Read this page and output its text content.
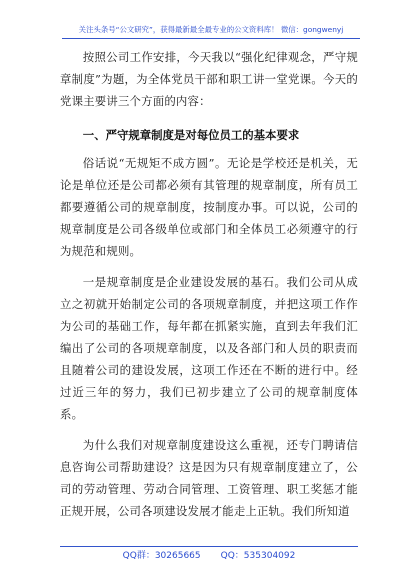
关注头条号“公文研究”，获得最新最全最专业的公文资料库！ 微信：gongwenyj

按照公司工作安排，今天我以“强化纪律观念，严守规章制度”为题，为全体党员干部和职工讲一堂党课。今天的党课主要讲三个方面的内容：

一、严守规章制度是对每位员工的基本要求

俗话说“无规矩不成方圆”。无论是学校还是机关，无论是单位还是公司都必须有其管理的规章制度，所有员工都要遵循公司的规章制度，按制度办事。可以说，公司的规章制度是公司各级单位或部门和全体员工必须遵守的行为规范和规则。

一是规章制度是企业建设发展的基石。我们公司从成立之初就开始制定公司的各项规章制度，并把这项工作作为公司的基础工作，每年都在抓紧实施，直到去年我们汇编出了公司的各项规章制度，以及各部门和人员的职责而且随着公司的建设发展，这项工作还在不断的进行中。经过近三年的努力，我们已初步建立了公司的规章制度体系。

为什么我们对规章制度建设这么重视，还专门聘请信息咨询公司帮助建设？这是因为只有规章制度建立了，公司的劳动管理、劳动合同管理、工资管理、职工奖惩才能正规开展，公司各项建设发展才能走上正轨。我们所知道

QQ群：30265665 QQ：535304092
